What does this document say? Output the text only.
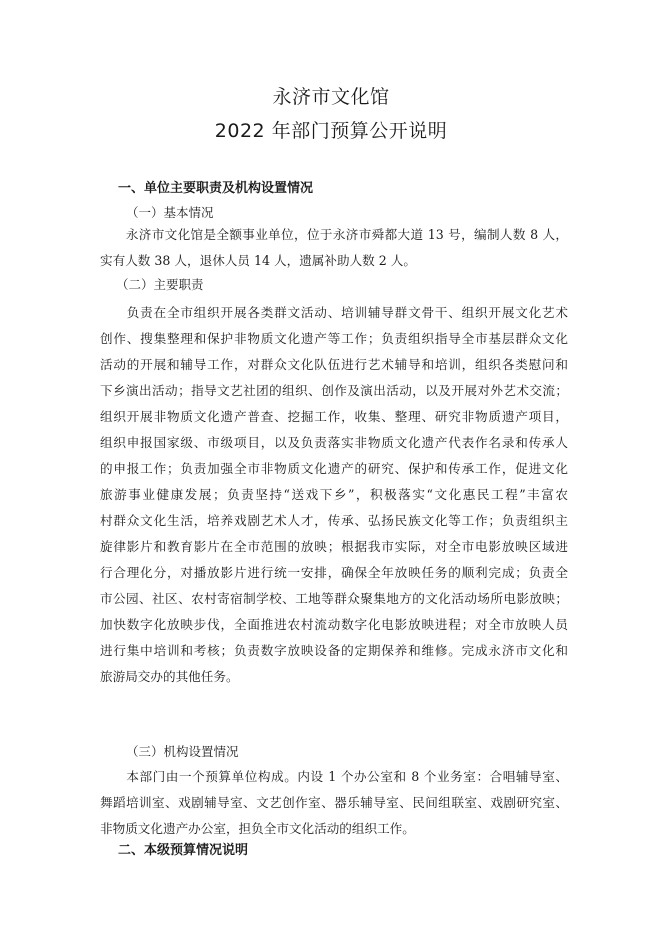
永济市文化馆
2022 年部门预算公开说明
一、单位主要职责及机构设置情况
（一）基本情况
　　永济市文化馆是全额事业单位，位于永济市舜都大道 13 号，编制人数 8 人，
实有人数 38 人，退休人员 14 人，遗属补助人数 2 人。
（二）主要职责
　　负责在全市组织开展各类群文活动、培训辅导群文骨干、组织开展文化艺术
创作、搜集整理和保护非物质文化遗产等工作；负责组织指导全市基层群众文化
活动的开展和辅导工作，对群众文化队伍进行艺术辅导和培训，组织各类慰问和
下乡演出活动；指导文艺社团的组织、创作及演出活动，以及开展对外艺术交流；
组织开展非物质文化遗产普查、挖掘工作，收集、整理、研究非物质遗产项目，
组织申报国家级、市级项目，以及负责落实非物质文化遗产代表作名录和传承人
的申报工作；负责加强全市非物质文化遗产的研究、保护和传承工作，促进文化
旅游事业健康发展；负责坚持“送戏下乡”，积极落实“文化惠民工程”丰富农
村群众文化生活，培养戏剧艺术人才，传承、弘扬民族文化等工作；负责组织主
旋律影片和教育影片在全市范围的放映；根据我市实际，对全市电影放映区域进
行合理化分，对播放影片进行统一安排，确保全年放映任务的顺利完成；负责全
市公园、社区、农村寄宿制学校、工地等群众聚集地方的文化活动场所电影放映；
加快数字化放映步伐，全面推进农村流动数字化电影放映进程；对全市放映人员
进行集中培训和考核；负责数字放映设备的定期保养和维修。完成永济市文化和
旅游局交办的其他任务。
（三）机构设置情况
　　本部门由一个预算单位构成。内设 1 个办公室和 8 个业务室：合唱辅导室、
舞蹈培训室、戏剧辅导室、文艺创作室、器乐辅导室、民间组联室、戏剧研究室、
非物质文化遗产办公室，担负全市文化活动的组织工作。
二、本级预算情况说明
